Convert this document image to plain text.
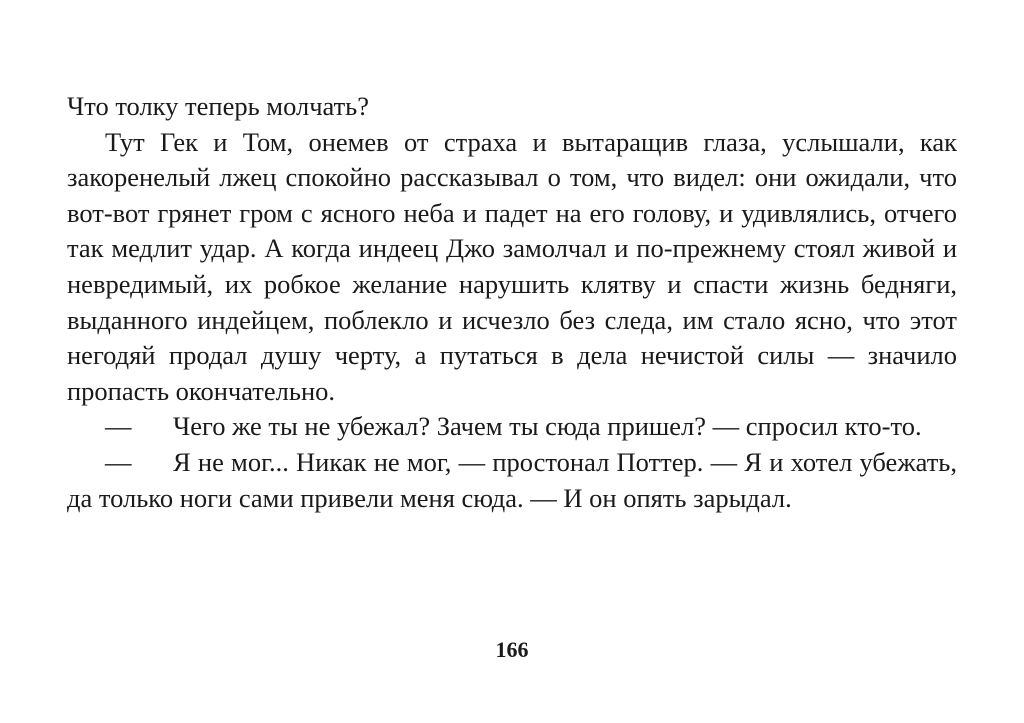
Что толку теперь молчать?

Тут Гек и Том, онемев от страха и вытаращив глаза, услышали, как закоренелый лжец спокойно рассказывал о том, что видел: они ожидали, что вот-вот грянет гром с ясного неба и падет на его голову, и удивлялись, отчего так медлит удар. А когда индеец Джо замолчал и по-прежнему стоял живой и невредимый, их робкое желание нарушить клятву и спасти жизнь бедняги, выданного индейцем, поблекло и исчезло без следа, им стало ясно, что этот негодяй продал душу черту, а путаться в дела нечистой силы — значило пропасть окончательно.

— Чего же ты не убежал? Зачем ты сюда пришел? — спросил кто-то.

— Я не мог... Никак не мог, — простонал Поттер. — Я и хотел убежать, да только ноги сами привели меня сюда. — И он опять зарыдал.

166
